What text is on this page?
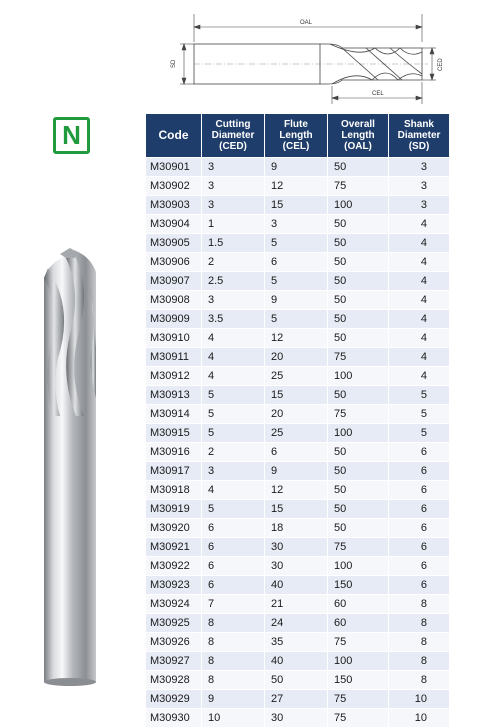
OAL
SD	CED
CEL
N	Code	Cutting Diameter (CED)	Flute Length (CEL)	Overall Length (OAL)	Shank Diameter (SD)
M30901	3	9	50	3
M30902	3	12	75	3
M30903	3	15	100	3
M30904	1	3	50	4
M30905	1.5	5	50	4
M30906	2	6	50	4
M30907	2.5	5	50	4
M30908	3	9	50	4
M30909	3.5	5	50	4
M30910	4	12	50	4
M30911	4	20	75	4
M30912	4	25	100	4
M30913	5	15	50	5
M30914	5	20	75	5
M30915	5	25	100	5
M30916	2	6	50	6
M30917	3	9	50	6
M30918	4	12	50	6
M30919	5	15	50	6
M30920	6	18	50	6
M30921	6	30	75	6
M30922	6	30	100	6
M30923	6	40	150	6
M30924	7	21	60	8
M30925	8	24	60	8
M30926	8	35	75	8
M30927	8	40	100	8
M30928	8	50	150	8
M30929	9	27	75	10
M30930	10	30	75	10
